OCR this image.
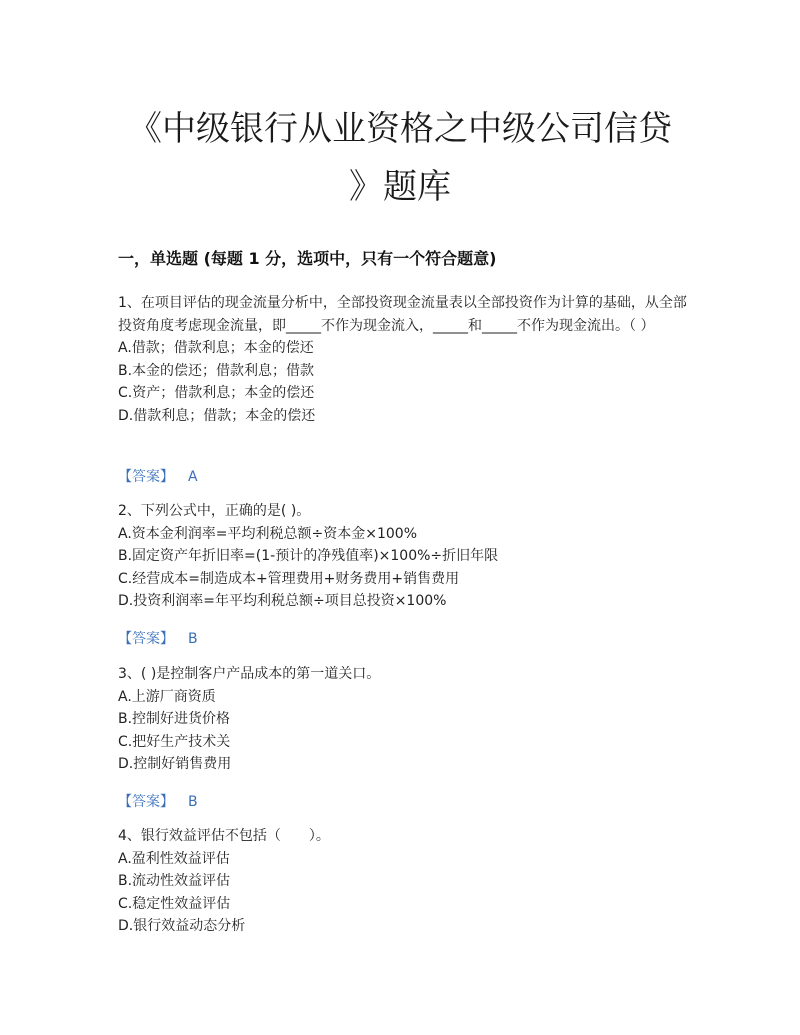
《中级银行从业资格之中级公司信贷
》题库
一，单选题 (每题 1 分，选项中，只有一个符合题意)

1、在项目评估的现金流量分析中，全部投资现金流量表以全部投资作为计算的基础，从全部投资角度考虑现金流量，即_____不作为现金流入，_____和_____不作为现金流出。（ ）

A.借款；借款利息；本金的偿还

B.本金的偿还；借款利息；借款

C.资产；借款利息；本金的偿还

D.借款利息；借款；本金的偿还

【答案】 A

2、下列公式中，正确的是( )。

A.资本金利润率=平均利税总额÷资本金×100%

B.固定资产年折旧率=(1-预计的净残值率)×100%÷折旧年限

C.经营成本=制造成本+管理费用+财务费用+销售费用

D.投资利润率=年平均利税总额÷项目总投资×100%

【答案】 B

3、( )是控制客户产品成本的第一道关口。

A.上游厂商资质

B.控制好进货价格

C.把好生产技术关

D.控制好销售费用

【答案】 B

4、银行效益评估不包括（　　）。

A.盈利性效益评估

B.流动性效益评估

C.稳定性效益评估

D.银行效益动态分析
